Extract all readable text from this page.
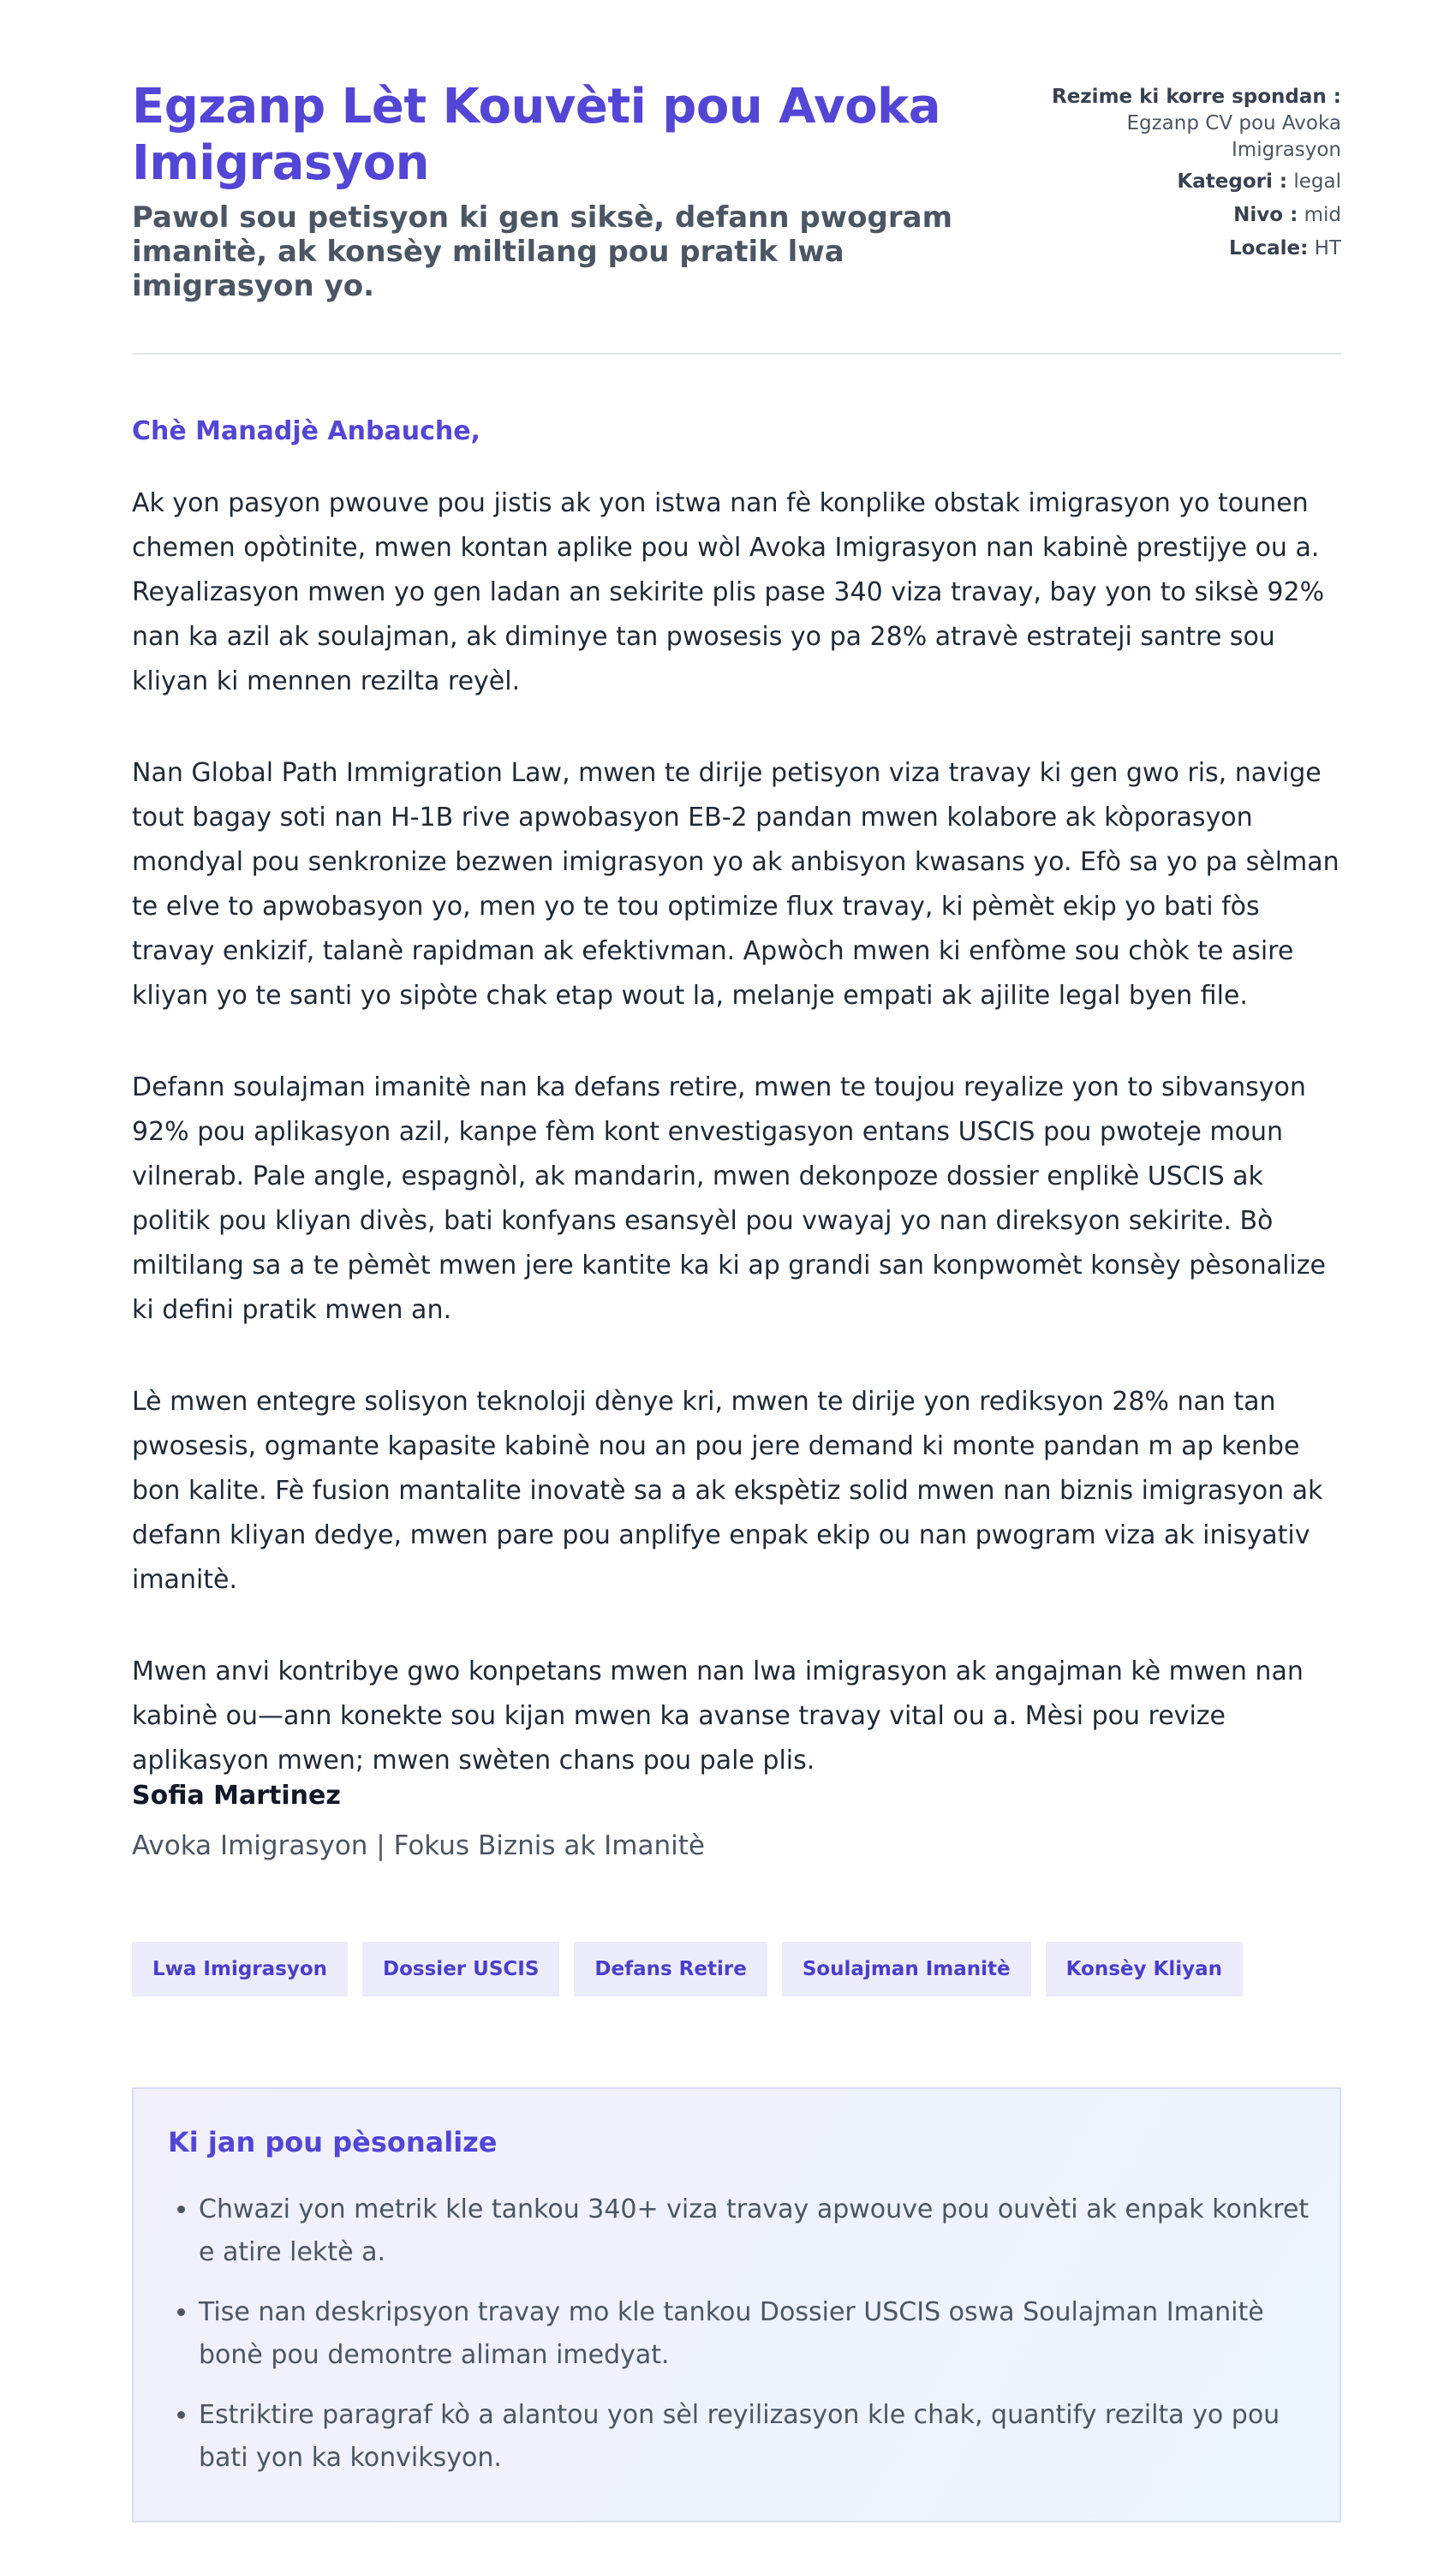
Egzanp Lèt Kouvèti pou Avoka Imigrasyon
Pawol sou petisyon ki gen siksè, defann pwogram imanitè, ak konsèy miltilang pou pratik lwa imigrasyon yo.
Rezime ki korre spondan :
Egzanp CV pou Avoka Imigrasyon
Kategori : legal
Nivo : mid
Locale: HT

Chè Manadjè Anbauche,

Ak yon pasyon pwouve pou jistis ak yon istwa nan fè konplike obstak imigrasyon yo tounen chemen opòtinite, mwen kontan aplike pou wòl Avoka Imigrasyon nan kabinè prestijye ou a. Reyalizasyon mwen yo gen ladan an sekirite plis pase 340 viza travay, bay yon to siksè 92% nan ka azil ak soulajman, ak diminye tan pwosesis yo pa 28% atravè estrateji santre sou kliyan ki mennen rezilta reyèl.

Nan Global Path Immigration Law, mwen te dirije petisyon viza travay ki gen gwo ris, navige tout bagay soti nan H-1B rive apwobasyon EB-2 pandan mwen kolabore ak kòporasyon mondyal pou senkronize bezwen imigrasyon yo ak anbisyon kwasans yo. Efò sa yo pa sèlman te elve to apwobasyon yo, men yo te tou optimize flux travay, ki pèmèt ekip yo bati fòs travay enkizif, talanè rapidman ak efektivman. Apwòch mwen ki enfòme sou chòk te asire kliyan yo te santi yo sipòte chak etap wout la, melanje empati ak ajilite legal byen file.

Defann soulajman imanitè nan ka defans retire, mwen te toujou reyalize yon to sibvansyon 92% pou aplikasyon azil, kanpe fèm kont envestigasyon entans USCIS pou pwoteje moun vilnerab. Pale angle, espagnòl, ak mandarin, mwen dekonpoze dossier enplikè USCIS ak politik pou kliyan divès, bati konfyans esansyèl pou vwayaj yo nan direksyon sekirite. Bò miltilang sa a te pèmèt mwen jere kantite ka ki ap grandi san konpwomèt konsèy pèsonalize ki defini pratik mwen an.

Lè mwen entegre solisyon teknoloji dènye kri, mwen te dirije yon rediksyon 28% nan tan pwosesis, ogmante kapasite kabinè nou an pou jere demand ki monte pandan m ap kenbe bon kalite. Fè fusion mantalite inovatè sa a ak ekspètiz solid mwen nan biznis imigrasyon ak defann kliyan dedye, mwen pare pou anplifye enpak ekip ou nan pwogram viza ak inisyativ imanitè.

Mwen anvi kontribye gwo konpetans mwen nan lwa imigrasyon ak angajman kè mwen nan kabinè ou—ann konekte sou kijan mwen ka avanse travay vital ou a. Mèsi pou revize aplikasyon mwen; mwen swèten chans pou pale plis.

Sofia Martinez
Avoka Imigrasyon | Fokus Biznis ak Imanitè
Lwa Imigrasyon	Dossier USCIS	Defans Retire	Soulajman Imanitè	Konsèy Kliyan
Ki jan pou pèsonalize
• Chwazi yon metrik kle tankou 340+ viza travay apwouve pou ouvèti ak enpak konkret e atire lektè a.
• Tise nan deskripsyon travay mo kle tankou Dossier USCIS oswa Soulajman Imanitè bonè pou demontre aliman imedyat.
• Estriktire paragraf kò a alantou yon sèl reyilizasyon kle chak, quantify rezilta yo pou bati yon ka konviksyon.
